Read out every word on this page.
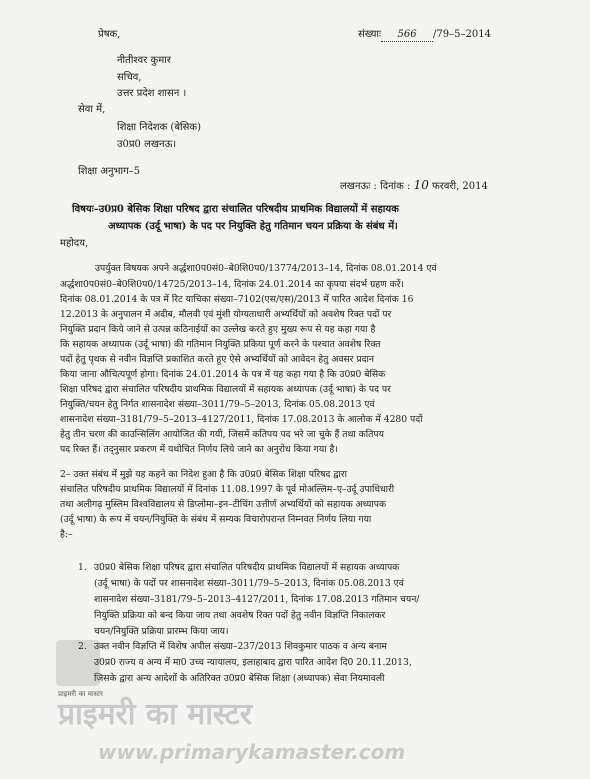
प्रेषक,	संख्याः 566 /79–5–2014
नीतीश्वर कुमार
सचिव,
उत्तर प्रदेश शासन ।
सेवा में,
शिक्षा निदेशक (बेसिक)
उ0प्र0 लखनऊ।
शिक्षा अनुभाग–5
लखनऊः : दिनांक : 10 फरवरी, 2014
विषयः–उ0प्र0 बेसिक शिक्षा परिषद द्वारा संचालित परिषदीय प्राथमिक विद्यालयों में सहायक
अध्यापक (उर्दू भाषा) के पद पर नियुक्ति हेतु गतिमान चयन प्रक्रिया के संबंध में।
महोदय,
उपर्युक्त विषयक अपने अर्द्धशा0प0सं0–बे0शि0प0/13774/2013–14, दिनांक 08.01.2014 एवं
अर्द्धशा0प0सं0–बे0शि0प0/14725/2013–14, दिनांक 24.01.2014 का कृपया संदर्भ ग्रहण करें।
दिनांक 08.01.2014 के पत्र में रिट याचिका संख्या–7102(एस/एस)/2013 में पारित आदेश दिनांक 16
12.2013 के अनुपालन में अदीब, मौलवी एवं मुंशी योग्यताधारी अभ्यर्थियों को अवशेष रिक्त पदों पर
नियुक्ति प्रदान किये जाने से उत्पन्न कठिनाईयों का उल्लेख करते हुए मुख्य रूप से यह कहा गया है
कि सहायक अध्यापक (उर्दू भाषा) की गतिमान नियुक्ति प्रकिया पूर्ण करने के पश्चात अवशेष रिक्त
पदों हेतु पृथक से नवीन विज्ञप्ति प्रकाशित करते हुए ऐसे अभ्यर्थियों को आवेदन हेतु अवसर प्रदान
किया जाना औचित्यपूर्ण होगा। दिनांक 24.01.2014 के पत्र में यह कहा गया है कि उ0प्र0 बेसिक
शिक्षा परिषद द्वारा संचालित परिषदीय प्राथमिक विद्यालयों में सहायक अध्यापक (उर्दू भाषा) के पद पर
नियुक्ति/चयन हेतु निर्गत शासनादेश संख्या–3011/79–5–2013, दिनांक 05.08.2013 एवं
शासनादेश संख्या–3181/79–5–2013–4127/2011, दिनांक 17.08.2013 के आलोक में 4280 पदों
हेतु तीन चरण की काउन्सिलिंग आयोजित की गयी, जिसमें कतिपय पद भरे जा चुके हैं तथा कतिपय
पद रिक्त हैं। तद्नुसार प्रकरण में यथोचित निर्णय लिये जाने का अनुरोध किया गया है।
2– उक्त संबंध में मुझे यह कहने का निदेश हुआ है कि उ0प्र0 बेसिक शिक्षा परिषद द्वारा
संचालित परिषदीय प्राथमिक विद्यालयों में दिनांक 11.08.1997 के पूर्व मोअल्लिम–ए–उर्दू उपाधिधारी
तथा अलीगढ़ मुस्लिम विश्वविद्यालय से डिप्लोमा–इन–टीचिंग उत्तीर्ण अभ्यर्थियों को सहायक अध्यापक
(उर्दू भाषा) के रूप में चयन/नियुक्ति के संबंध में सम्यक विचारोपरान्त निम्नवत निर्णय लिया गया
है:–
1. उ0प्र0 बेसिक शिक्षा परिषद द्वारा संचालित परिषदीय प्राथमिक विद्यालयों में सहायक अध्यापक
(उर्दू भाषा) के पदों पर शासनादेश संख्या–3011/79–5–2013, दिनांक 05.08.2013 एवं
शासनादेश संख्या–3181/79–5–2013–4127/2011, दिनांक 17.08.2013 गतिमान चयन/
नियुक्ति प्रक्रिया को बन्द किया जाय तथा अवशेष रिक्त पदों हेतु नवीन विज्ञप्ति निकालकर
चयन/नियुक्ति प्रक्रिया प्रारम्भ किया जाय।
2. उक्त नवीन विज्ञप्ति में विशेष अपील संख्या–237/2013 शिवकुमार पाठक व अन्य बनाम
उ0प्र0 राज्य व अन्य में मा0 उच्च न्यायालय, इलाहाबाद द्वारा पारित आदेश दि0 20.11.2013,
जिसके द्वारा अन्य आदेशों के अतिरिक्त उ0प्र0 बेसिक शिक्षा (अध्यापक) सेवा नियमावली
प्राइमरी का मास्टर
प्राइमरी का मास्टर
www.primarykamaster.com
